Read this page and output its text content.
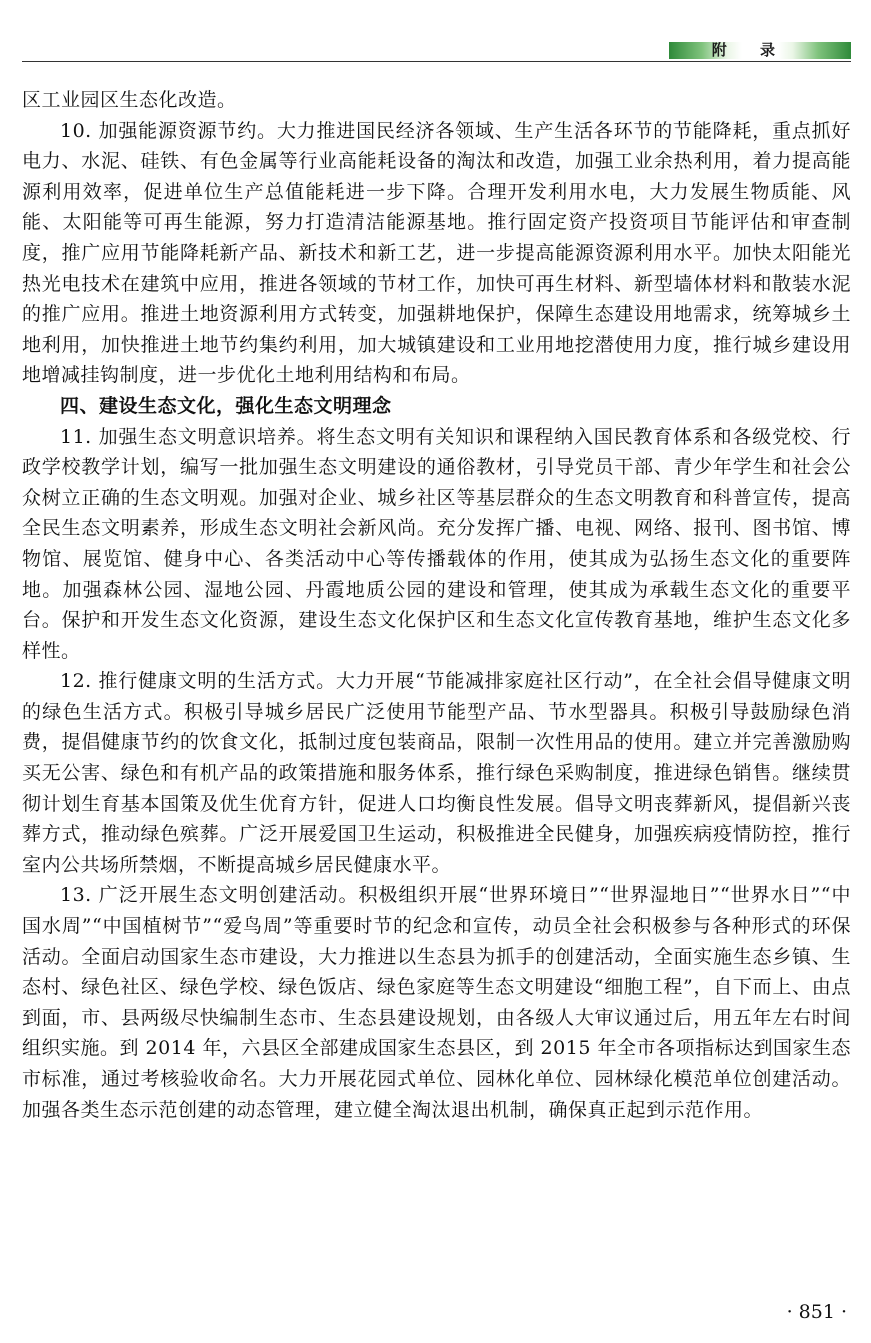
附 录

区工业园区生态化改造。

10. 加强能源资源节约。大力推进国民经济各领域、生产生活各环节的节能降耗，重点抓好电力、水泥、硅铁、有色金属等行业高能耗设备的淘汰和改造，加强工业余热利用，着力提高能源利用效率，促进单位生产总值能耗进一步下降。合理开发利用水电，大力发展生物质能、风能、太阳能等可再生能源，努力打造清洁能源基地。推行固定资产投资项目节能评估和审查制度，推广应用节能降耗新产品、新技术和新工艺，进一步提高能源资源利用水平。加快太阳能光热光电技术在建筑中应用，推进各领域的节材工作，加快可再生材料、新型墙体材料和散装水泥的推广应用。推进土地资源利用方式转变，加强耕地保护，保障生态建设用地需求，统筹城乡土地利用，加快推进土地节约集约利用，加大城镇建设和工业用地挖潜使用力度，推行城乡建设用地增减挂钩制度，进一步优化土地利用结构和布局。

四、建设生态文化，强化生态文明理念

11. 加强生态文明意识培养。将生态文明有关知识和课程纳入国民教育体系和各级党校、行政学校教学计划，编写一批加强生态文明建设的通俗教材，引导党员干部、青少年学生和社会公众树立正确的生态文明观。加强对企业、城乡社区等基层群众的生态文明教育和科普宣传，提高全民生态文明素养，形成生态文明社会新风尚。充分发挥广播、电视、网络、报刊、图书馆、博物馆、展览馆、健身中心、各类活动中心等传播载体的作用，使其成为弘扬生态文化的重要阵地。加强森林公园、湿地公园、丹霞地质公园的建设和管理，使其成为承载生态文化的重要平台。保护和开发生态文化资源，建设生态文化保护区和生态文化宣传教育基地，维护生态文化多样性。

12. 推行健康文明的生活方式。大力开展“节能减排家庭社区行动”，在全社会倡导健康文明的绿色生活方式。积极引导城乡居民广泛使用节能型产品、节水型器具。积极引导鼓励绿色消费，提倡健康节约的饮食文化，抵制过度包装商品，限制一次性用品的使用。建立并完善激励购买无公害、绿色和有机产品的政策措施和服务体系，推行绿色采购制度，推进绿色销售。继续贯彻计划生育基本国策及优生优育方针，促进人口均衡良性发展。倡导文明丧葬新风，提倡新兴丧葬方式，推动绿色殡葬。广泛开展爱国卫生运动，积极推进全民健身，加强疾病疫情防控，推行室内公共场所禁烟，不断提高城乡居民健康水平。

13. 广泛开展生态文明创建活动。积极组织开展“世界环境日”“世界湿地日”“世界水日”“中国水周”“中国植树节”“爱鸟周”等重要时节的纪念和宣传，动员全社会积极参与各种形式的环保活动。全面启动国家生态市建设，大力推进以生态县为抓手的创建活动，全面实施生态乡镇、生态村、绿色社区、绿色学校、绿色饭店、绿色家庭等生态文明建设“细胞工程”，自下而上、由点到面，市、县两级尽快编制生态市、生态县建设规划，由各级人大审议通过后，用五年左右时间组织实施。到 2014 年，六县区全部建成国家生态县区，到 2015 年全市各项指标达到国家生态市标准，通过考核验收命名。大力开展花园式单位、园林化单位、园林绿化模范单位创建活动。加强各类生态示范创建的动态管理，建立健全淘汰退出机制，确保真正起到示范作用。

· 851 ·
